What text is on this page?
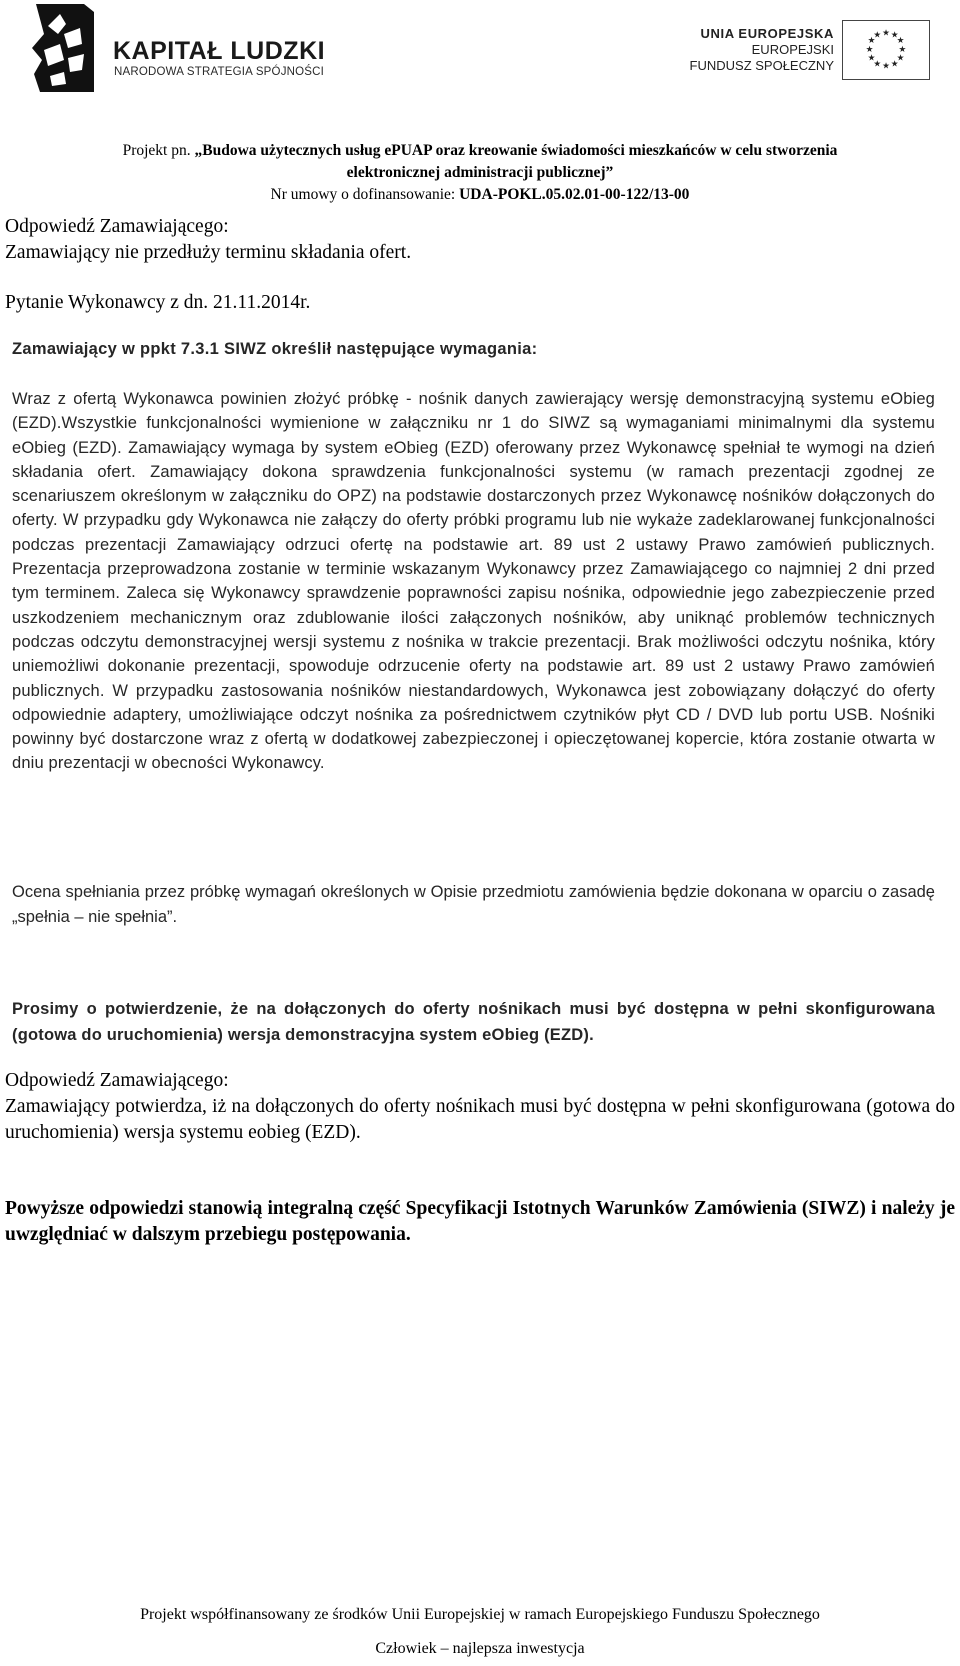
KAPITAŁ LUDZKI
NARODOWA STRATEGIA SPÓJNOŚCI
UNIA EUROPEJSKA
EUROPEJSKI
FUNDUSZ SPOŁECZNY
★ ★
★
★
★
★
★
★
★
★
★
★
Projekt pn. „Budowa użytecznych usług ePUAP oraz kreowanie świadomości mieszkańców w celu stworzenia
elektronicznej administracji publicznej”
Nr umowy o dofinansowanie: UDA-POKL.05.02.01-00-122/13-00
Odpowiedź Zamawiającego:
Zamawiający nie przedłuży terminu składania ofert.
Pytanie Wykonawcy z dn. 21.11.2014r.
Zamawiający w ppkt 7.3.1 SIWZ określił następujące wymagania:
Wraz z ofertą Wykonawca powinien złożyć próbkę - nośnik danych zawierający wersję demonstracyjną systemu eObieg (EZD).Wszystkie funkcjonalności wymienione w załączniku nr 1 do SIWZ są wymaganiami minimalnymi dla systemu eObieg (EZD). Zamawiający wymaga by system eObieg (EZD) oferowany przez Wykonawcę spełniał te wymogi na dzień składania ofert. Zamawiający dokona sprawdzenia funkcjonalności systemu (w ramach prezentacji zgodnej ze scenariuszem określonym w załączniku do OPZ) na podstawie dostarczonych przez Wykonawcę nośników dołączonych do oferty. W przypadku gdy Wykonawca nie załączy do oferty próbki programu lub nie wykaże zadeklarowanej funkcjonalności podczas prezentacji Zamawiający odrzuci ofertę na podstawie art. 89 ust 2 ustawy Prawo zamówień publicznych. Prezentacja przeprowadzona zostanie w terminie wskazanym Wykonawcy przez Zamawiającego co najmniej 2 dni przed tym terminem. Zaleca się Wykonawcy sprawdzenie poprawności zapisu nośnika, odpowiednie jego zabezpieczenie przed uszkodzeniem mechanicznym oraz zdublowanie ilości załączonych nośników, aby uniknąć problemów technicznych podczas odczytu demonstracyjnej wersji systemu z nośnika w trakcie prezentacji. Brak możliwości odczytu nośnika, który uniemożliwi dokonanie prezentacji, spowoduje odrzucenie oferty na podstawie art. 89 ust 2 ustawy Prawo zamówień publicznych. W przypadku zastosowania nośników niestandardowych, Wykonawca jest zobowiązany dołączyć do oferty odpowiednie adaptery, umożliwiające odczyt nośnika za pośrednictwem czytników płyt CD / DVD lub portu USB. Nośniki powinny być dostarczone wraz z ofertą w dodatkowej zabezpieczonej i opieczętowanej kopercie, która zostanie otwarta w dniu prezentacji w obecności Wykonawcy.
Ocena spełniania przez próbkę wymagań określonych w Opisie przedmiotu zamówienia będzie dokonana w oparciu o zasadę „spełnia – nie spełnia”.
Prosimy o potwierdzenie, że na dołączonych do oferty nośnikach musi być dostępna w pełni skonfigurowana (gotowa do uruchomienia) wersja demonstracyjna system eObieg (EZD).
Odpowiedź Zamawiającego:
Zamawiający potwierdza, iż na dołączonych do oferty nośnikach musi być dostępna w pełni skonfigurowana (gotowa do uruchomienia) wersja systemu eobieg (EZD).
Powyższe odpowiedzi stanowią integralną część Specyfikacji Istotnych Warunków Zamówienia (SIWZ) i należy je uwzględniać w dalszym przebiegu postępowania.
Projekt współfinansowany ze środków Unii Europejskiej w ramach Europejskiego Funduszu Społecznego
Człowiek – najlepsza inwestycja
